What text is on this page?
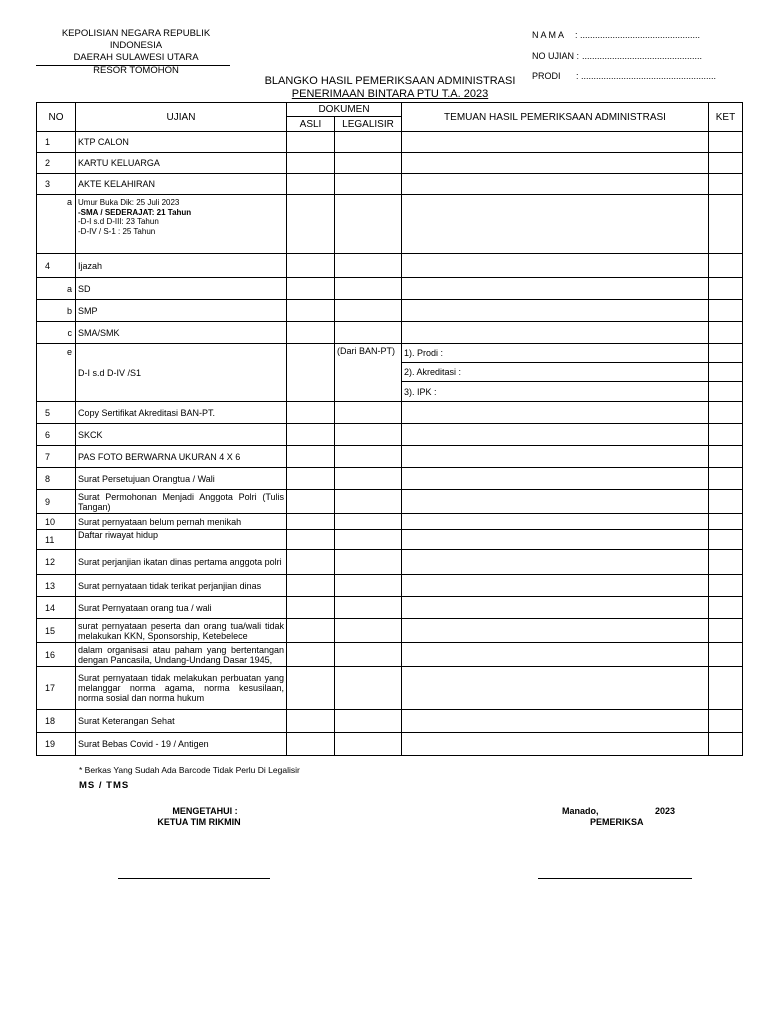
KEPOLISIAN NEGARA REPUBLIK INDONESIA
DAERAH SULAWESI UTARA
RESOR TOMOHON
N A M A : ................................................
NO UJIAN : ................................................
PRODI : ......................................................
BLANGKO HASIL PEMERIKSAAN ADMINISTRASI
PENERIMAAN BINTARA PTU T.A. 2023
NO	UJIAN	DOKUMEN		TEMUAN HASIL PEMERIKSAAN ADMINISTRASI	KET
		ASLI	LEGALISIR		
1	KTP CALON				
2	KARTU KELUARGA				
3	AKTE KELAHIRAN				
a	Umur Buka Dik: 25 Juli 2023
-SMA / SEDERAJAT: 21 Tahun
-D-I s.d D-III: 23 Tahun
-D-IV / S-1 : 25 Tahun				

4	Ijazah				
a	SD				
b	SMP				
c	SMA/SMK				
e	D-I s.d D-IV /S1		(Dari BAN-PT)	1). Prodi :	
				2). Akreditasi :	
				3). IPK :	
5	Copy Sertifikat Akreditasi BAN-PT.				
6	SKCK				
7	PAS FOTO BERWARNA UKURAN 4 X 6				
8	Surat Persetujuan Orangtua / Wali				
9	Surat Permohonan Menjadi Anggota Polri (Tulis Tangan)				
10	Surat pernyataan belum pernah menikah				
11	Daftar riwayat hidup				
12	Surat perjanjian ikatan dinas pertama anggota polri				
13	Surat pernyataan tidak terikat perjanjian dinas				
14	Surat Pernyataan orang tua / wali				
15	surat pernyataan peserta dan orang tua/wali tidak melakukan KKN, Sponsorship, Ketebelece				
16	dalam organisasi atau paham yang bertentangan dengan Pancasila, Undang-Undang Dasar 1945,				
17	Surat pernyataan tidak melakukan perbuatan yang melanggar norma agama, norma kesusilaan, norma sosial dan norma hukum				
18	Surat Keterangan Sehat				
19	Surat Bebas Covid - 19 / Antigen				
* Berkas Yang Sudah Ada Barcode Tidak Perlu Di Legalisir
MS / TMS
MENGETAHUI :
KETUA TIM RIKMIN
Manado,	2023
PEMERIKSA
